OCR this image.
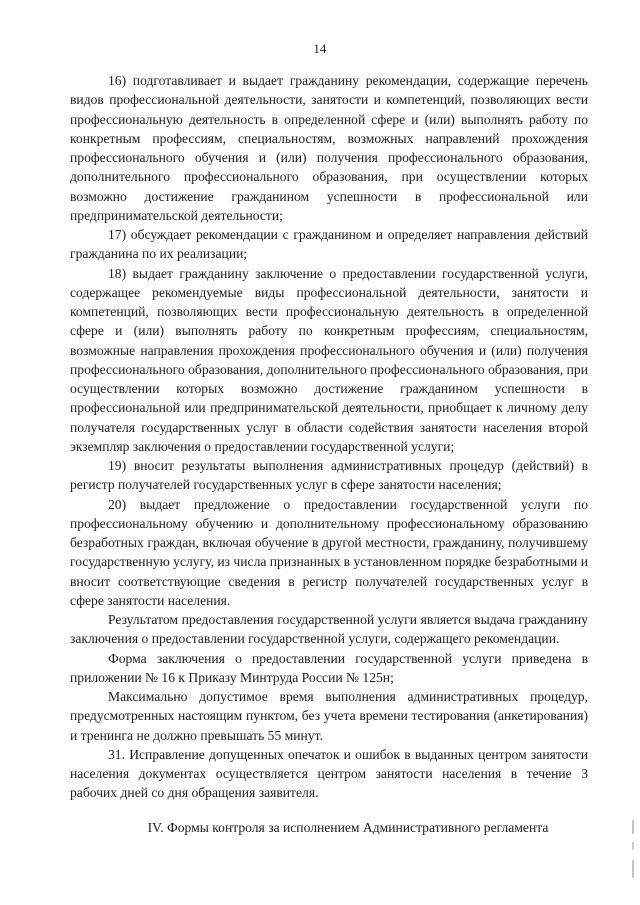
14

16) подготавливает и выдает гражданину рекомендации, содержащие перечень видов профессиональной деятельности, занятости и компетенций, позволяющих вести профессиональную деятельность в определенной сфере и (или) выполнять работу по конкретным профессиям, специальностям, возможных направлений прохождения профессионального обучения и (или) получения профессионального образования, дополнительного профессионального образования, при осуществлении которых возможно достижение гражданином успешности в профессиональной или предпринимательской деятельности;

17) обсуждает рекомендации с гражданином и определяет направления действий гражданина по их реализации;

18) выдает гражданину заключение о предоставлении государственной услуги, содержащее рекомендуемые виды профессиональной деятельности, занятости и компетенций, позволяющих вести профессиональную деятельность в определенной сфере и (или) выполнять работу по конкретным профессиям, специальностям, возможные направления прохождения профессионального обучения и (или) получения профессионального образования, дополнительного профессионального образования, при осуществлении которых возможно достижение гражданином успешности в профессиональной или предпринимательской деятельности, приобщает к личному делу получателя государственных услуг в области содействия занятости населения второй экземпляр заключения о предоставлении государственной услуги;

19) вносит результаты выполнения административных процедур (действий) в регистр получателей государственных услуг в сфере занятости населения;

20) выдает предложение о предоставлении государственной услуги по профессиональному обучению и дополнительному профессиональному образованию безработных граждан, включая обучение в другой местности, гражданину, получившему государственную услугу, из числа признанных в установленном порядке безработными и вносит соответствующие сведения в регистр получателей государственных услуг в сфере занятости населения.

Результатом предоставления государственной услуги является выдача гражданину заключения о предоставлении государственной услуги, содержащего рекомендации.

Форма заключения о предоставлении государственной услуги приведена в приложении № 16 к Приказу Минтруда России № 125н;

Максимально допустимое время выполнения административных процедур, предусмотренных настоящим пунктом, без учета времени тестирования (анкетирования) и тренинга не должно превышать 55 минут.

31. Исправление допущенных опечаток и ошибок в выданных центром занятости населения документах осуществляется центром занятости населения в течение 3 рабочих дней со дня обращения заявителя.

IV. Формы контроля за исполнением Административного регламента
